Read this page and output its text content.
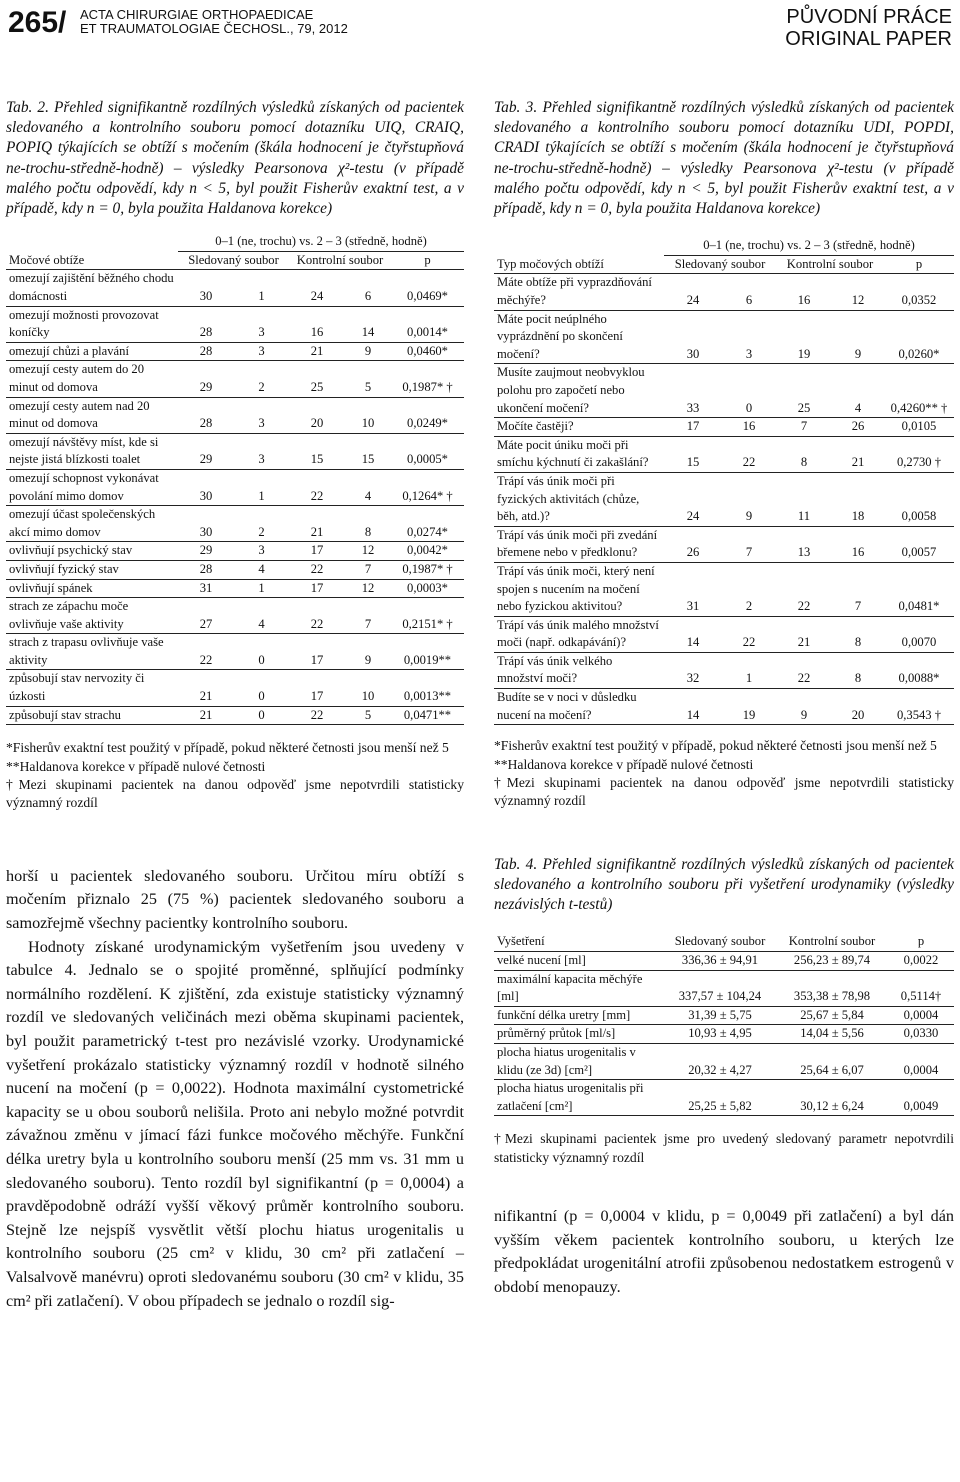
265/ ACTA CHIRURGIAE ORTHOPAEDICAE
ET TRAUMATOLOGIAE ČECHOSL., 79, 2012
PŮVODNÍ PRÁCE
ORIGINAL PAPER

Tab. 2. Přehled signifikantně rozdílných výsledků získaných od pacientek sledovaného a kontrolního souboru pomocí dotazníku UIQ, CRAIQ, POPIQ týkajících se obtíží s močením (škála hodnocení je čtyřstupňová ne-trochu-středně-hodně) – výsledky Pearsonova χ²-testu (v případě malého počtu odpovědí, kdy n < 5, byl použit Fisherův exaktní test, a v případě, kdy n = 0, byla použita Haldanova korekce)

	0–1 (ne, trochu) vs. 2 – 3 (středně, hodně)				
Močové obtíže	Sledovaný soubor		Kontrolní soubor		p
omezují zajištění běžného chodu domácnosti	30	1	24	6	0,0469*
omezují možnosti provozovat koníčky	28	3	16	14	0,0014*
omezují chůzi a plavání	28	3	21	9	0,0460*
omezují cesty autem do 20 minut od domova	29	2	25	5	0,1987* †
omezují cesty autem nad 20 minut od domova	28	3	20	10	0,0249*
omezují návštěvy míst, kde si nejste jistá blízkosti toalet	29	3	15	15	0,0005*
omezují schopnost vykonávat povolání mimo domov	30	1	22	4	0,1264* †
omezují účast společenských akcí mimo domov	30	2	21	8	0,0274*
ovlivňují psychický stav	29	3	17	12	0,0042*
ovlivňují fyzický stav	28	4	22	7	0,1987* †
ovlivňují spánek	31	1	17	12	0,0003*
strach ze zápachu moče ovlivňuje vaše aktivity	27	4	22	7	0,2151* †
strach z trapasu ovlivňuje vaše aktivity	22	0	17	9	0,0019**
způsobují stav nervozity či úzkosti	21	0	17	10	0,0013**
způsobují stav strachu	21	0	22	5	0,0471**

*Fisherův exaktní test použitý v případě, pokud některé četnosti jsou menší než 5

**Haldanova korekce v případě nulové četnosti

†Mezi skupinami pacientek na danou odpověď jsme nepotvrdili statisticky významný rozdíl

horší u pacientek sledovaného souboru. Určitou míru obtíží s močením přiznalo 25 (75 %) pacientek sledovaného souboru a samozřejmě všechny pacientky kontrolního souboru.

Hodnoty získané urodynamickým vyšetřením jsou uvedeny v tabulce 4. Jednalo se o spojité proměnné, splňující podmínky normálního rozdělení. K zjištění, zda existuje statisticky významný rozdíl ve sledovaných veličinách mezi oběma skupinami pacientek, byl použit parametrický t-test pro nezávislé vzorky. Urodynamické vyšetření prokázalo statisticky významný rozdíl v hodnotě silného nucení na močení (p = 0,0022). Hodnota maximální cystometrické kapacity se u obou souborů nelišila. Proto ani nebylo možné potvrdit závažnou změnu v jímací fázi funkce močového měchýře. Funkční délka uretry byla u kontrolního souboru menší (25 mm vs. 31 mm u sledovaného souboru). Tento rozdíl byl signifikantní (p = 0,0004) a pravděpodobně odráží vyšší věkový průměr kontrolního souboru. Stejně lze nejspíš vysvětlit větší plochu hiatus urogenitalis u kontrolního souboru (25 cm² v klidu, 30 cm² při zatlačení – Valsalvově manévru) oproti sledovanému souboru (30 cm² v klidu, 35 cm² při zatlačení). V obou případech se jednalo o rozdíl sig-

Tab. 3. Přehled signifikantně rozdílných výsledků získaných od pacientek sledovaného a kontrolního souboru pomocí dotazníku UDI, POPDI, CRADI týkajících se obtíží s močením (škála hodnocení je čtyřstupňová ne-trochu-středně-hodně) – výsledky Pearsonova χ²-testu (v případě malého počtu odpovědí, kdy n < 5, byl použit Fisherův exaktní test, a v případě, kdy n = 0, byla použita Haldanova korekce)

	0–1 (ne, trochu) vs. 2 – 3 (středně, hodně)				
Typ močových obtíží	Sledovaný soubor		Kontrolní soubor		p
Máte obtíže při vyprazdňování měchýře?	24	6	16	12	0,0352
Máte pocit neúplného vyprázdnění po skončení močení?	30	3	19	9	0,0260*
Musíte zaujmout neobvyklou polohu pro započetí nebo ukončení močení?	33	0	25	4	0,4260** †
Močíte častěji?	17	16	7	26	0,0105
Máte pocit úniku moči při smíchu kýchnutí či zakašlání?	15	22	8	21	0,2730 †
Trápí vás únik moči při fyzických aktivitách (chůze, běh, atd.)?	24	9	11	18	0,0058
Trápí vás únik moči při zvedání břemene nebo v předklonu?	26	7	13	16	0,0057
Trápí vás únik moči, který není spojen s nucením na močení nebo fyzickou aktivitou?	31	2	22	7	0,0481*
Trápí vás únik malého množství moči (např. odkapávání)?	14	22	21	8	0,0070
Trápí vás únik velkého množství moči?	32	1	22	8	0,0088*
Budíte se v noci v důsledku nucení na močení?	14	19	9	20	0,3543 †

*Fisherův exaktní test použitý v případě, pokud některé četnosti jsou menší než 5

**Haldanova korekce v případě nulové četnosti

†Mezi skupinami pacientek na danou odpověď jsme nepotvrdili statisticky významný rozdíl

Tab. 4. Přehled signifikantně rozdílných výsledků získaných od pacientek sledovaného a kontrolního souboru při vyšetření urodynamiky (výsledky nezávislých t-testů)

Vyšetření	Sledovaný soubor	Kontrolní soubor	p
velké nucení [ml]	336,36 ± 94,91	256,23 ± 89,74	0,0022
maximální kapacita měchýře [ml]	337,57 ± 104,24	353,38 ± 78,98	0,5114†
funkční délka uretry [mm]	31,39 ± 5,75	25,67 ± 5,84	0,0004
průměrný průtok [ml/s]	10,93 ± 4,95	14,04 ± 5,56	0,0330
plocha hiatus urogenitalis v klidu (ze 3d) [cm²]	20,32 ± 4,27	25,64 ± 6,07	0,0004
plocha hiatus urogenitalis při zatlačení [cm²]	25,25 ± 5,82	30,12 ± 6,24	0,0049

†Mezi skupinami pacientek jsme pro uvedený sledovaný parametr nepotvrdili statisticky významný rozdíl

nifikantní (p = 0,0004 v klidu, p = 0,0049 při zatlačení) a byl dán vyšším věkem pacientek kontrolního souboru, u kterých lze předpokládat urogenitální atrofii způsobenou nedostatkem estrogenů v období menopauzy.
